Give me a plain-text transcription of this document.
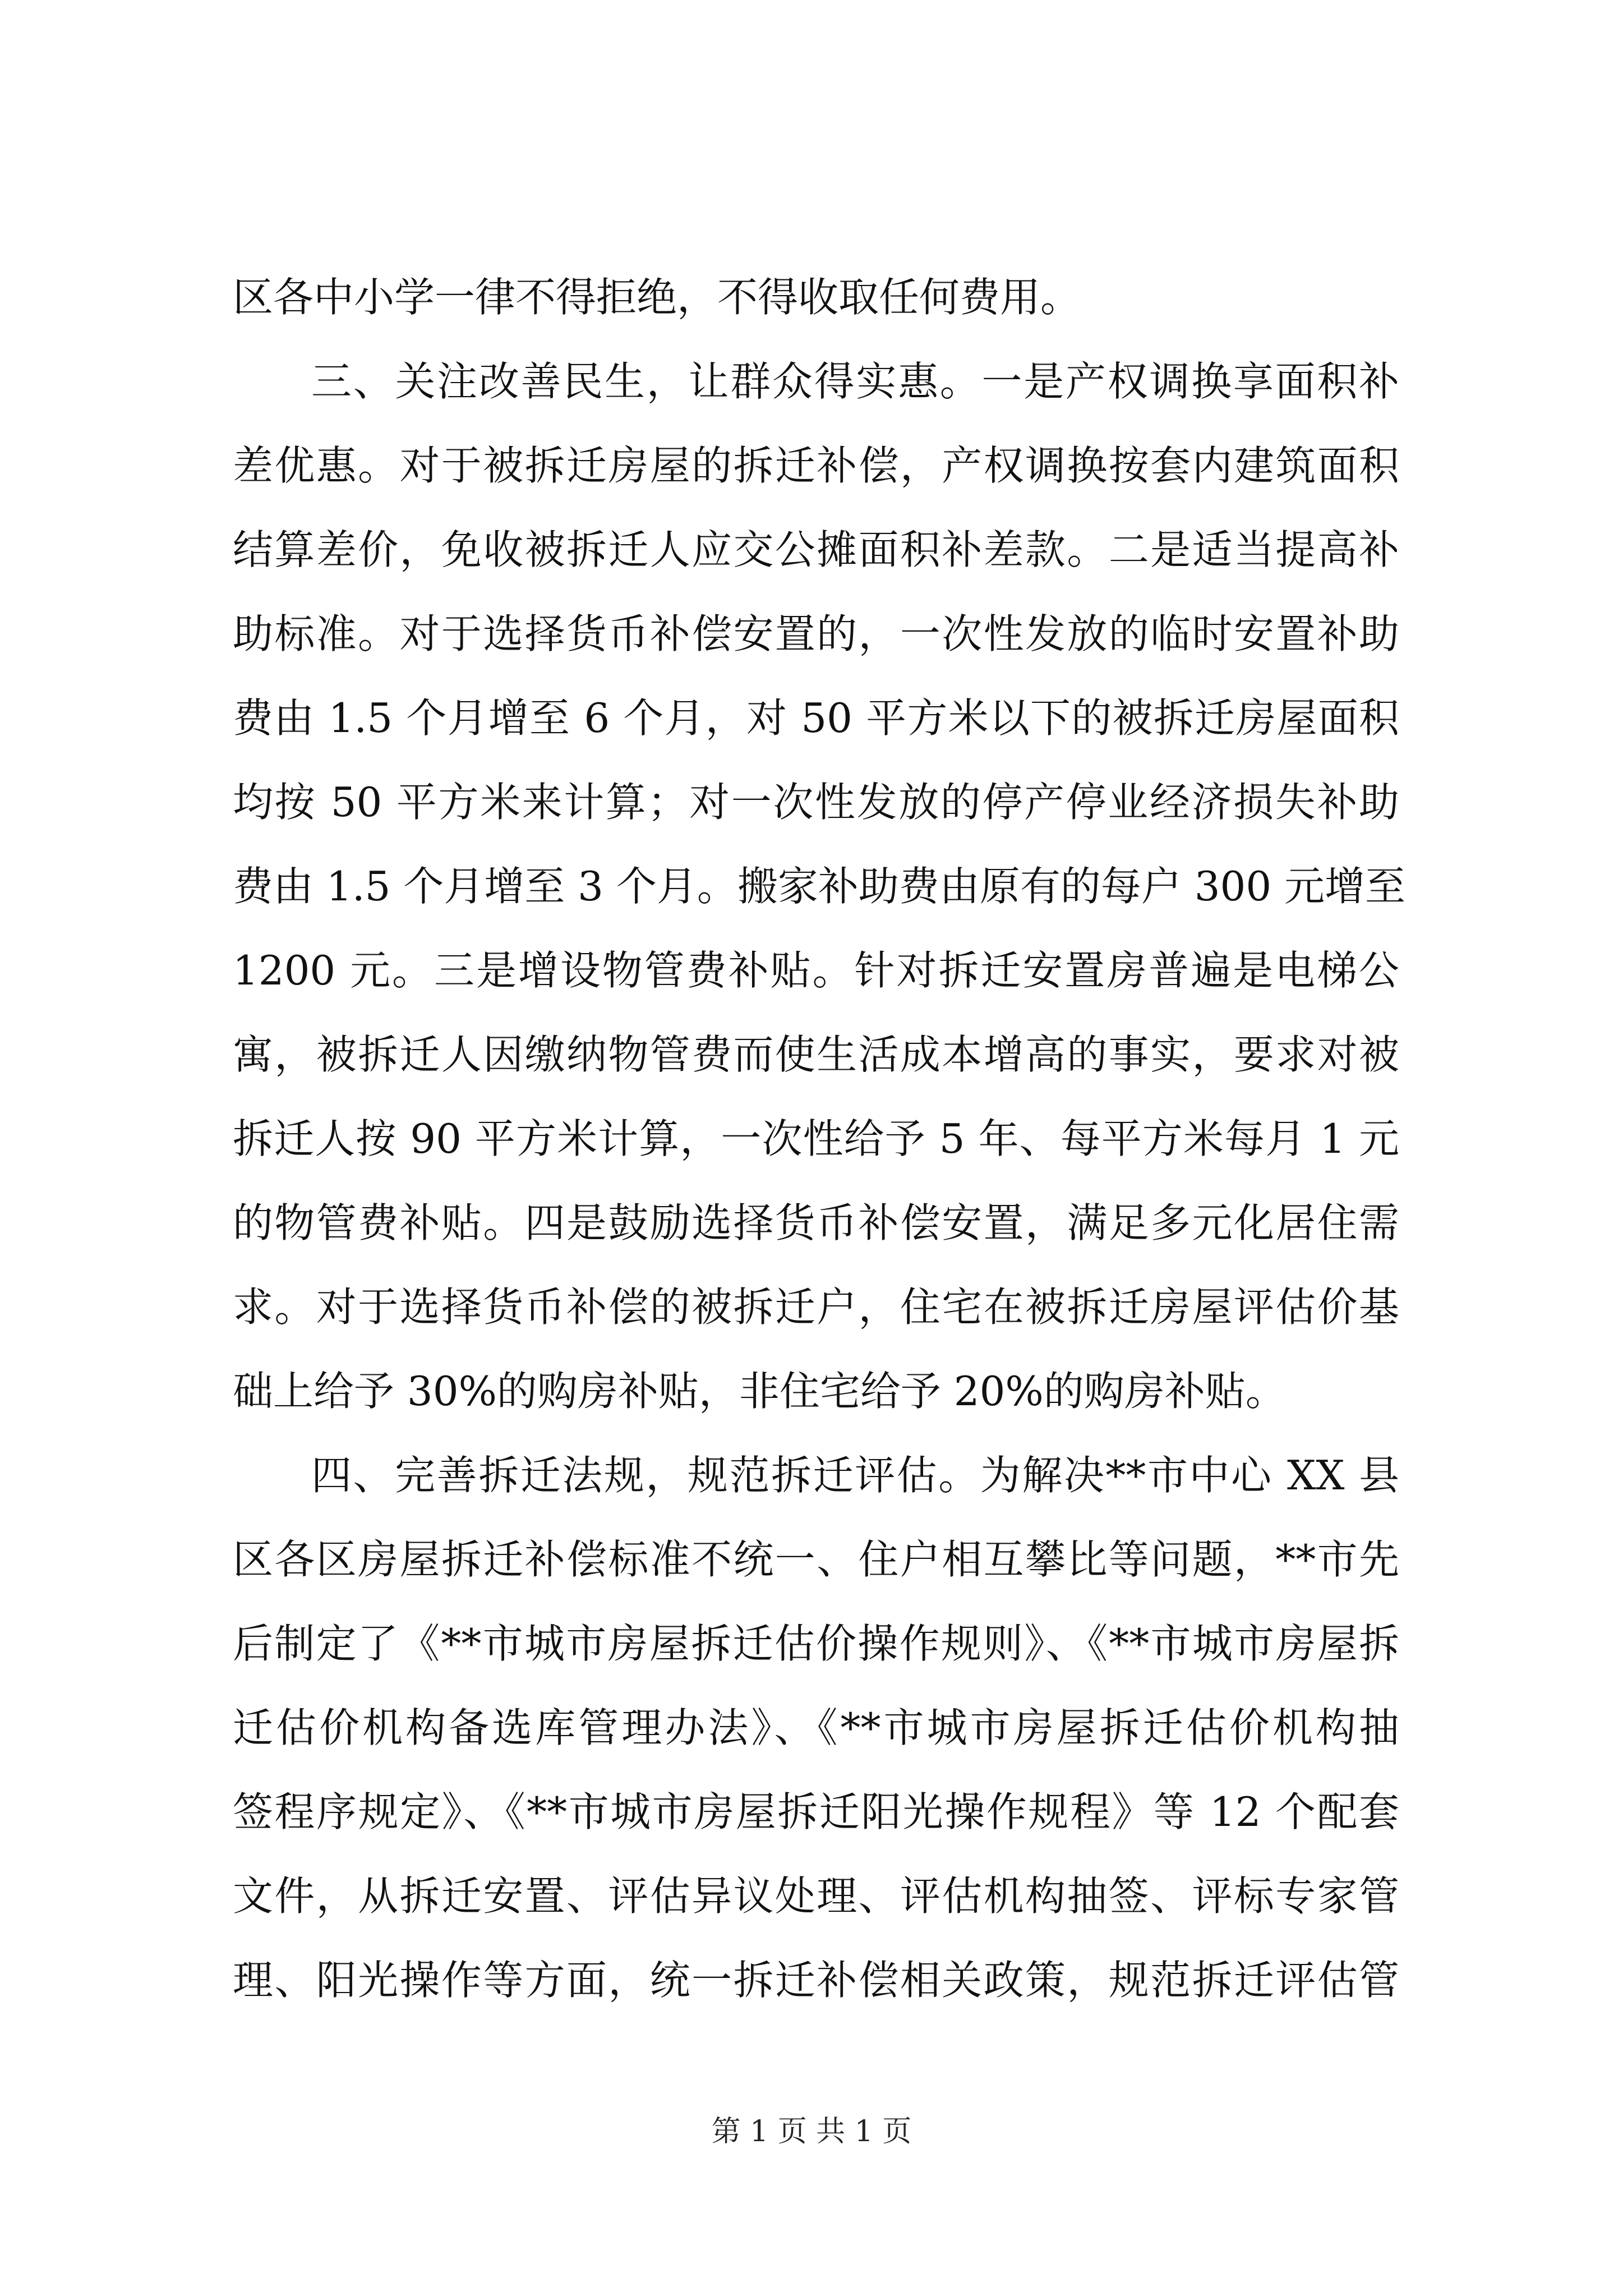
区各中小学一律不得拒绝，不得收取任何费用。
三、关注改善民生，让群众得实惠。一是产权调换享面积补
差优惠。对于被拆迁房屋的拆迁补偿，产权调换按套内建筑面积
结算差价，免收被拆迁人应交公摊面积补差款。二是适当提高补
助标准。对于选择货币补偿安置的，一次性发放的临时安置补助
费由 1.5 个月增至 6 个月，对 50 平方米以下的被拆迁房屋面积
均按 50 平方米来计算；对一次性发放的停产停业经济损失补助
费由 1.5 个月增至 3 个月。搬家补助费由原有的每户 300 元增至
1200 元。三是增设物管费补贴。针对拆迁安置房普遍是电梯公
寓，被拆迁人因缴纳物管费而使生活成本增高的事实，要求对被
拆迁人按 90 平方米计算，一次性给予 5 年、每平方米每月 1 元
的物管费补贴。四是鼓励选择货币补偿安置，满足多元化居住需
求。对于选择货币补偿的被拆迁户，住宅在被拆迁房屋评估价基
础上给予 30%的购房补贴，非住宅给予 20%的购房补贴。
四、完善拆迁法规，规范拆迁评估。为解决**市中心 XX 县
区各区房屋拆迁补偿标准不统一、住户相互攀比等问题，**市先
后制定了《**市城市房屋拆迁估价操作规则》、《**市城市房屋拆
迁估价机构备选库管理办法》、《**市城市房屋拆迁估价机构抽
签程序规定》、《**市城市房屋拆迁阳光操作规程》等 12 个配套
文件，从拆迁安置、评估异议处理、评估机构抽签、评标专家管
理、阳光操作等方面，统一拆迁补偿相关政策，规范拆迁评估管
第 1 页 共 1 页
